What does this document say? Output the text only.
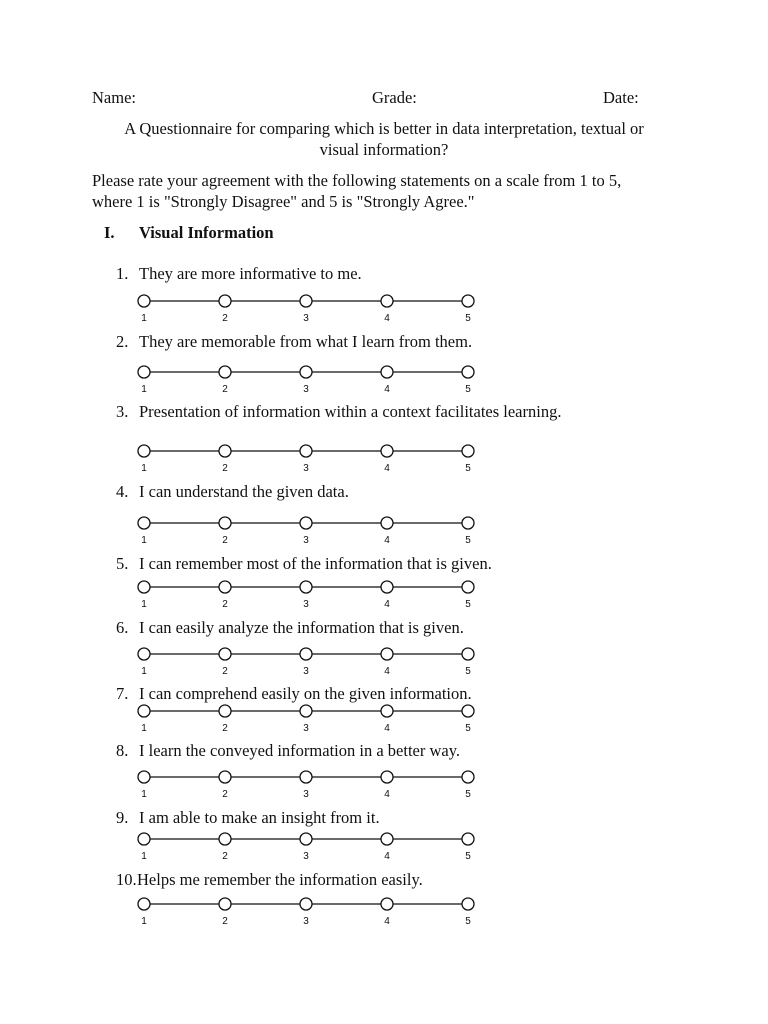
Name:	Grade:	Date:
A Questionnaire for comparing which is better in data interpretation, textual or
visual information?
Please rate your agreement with the following statements on a scale from 1 to 5,
where 1 is "Strongly Disagree" and 5 is "Strongly Agree."
I. Visual Information
1. They are more informative to me.
2. They are memorable from what I learn from them.
3. Presentation of information within a context facilitates learning.
4. I can understand the given data.
5. I can remember most of the information that is given.
6. I can easily analyze the information that is given.
7. I can comprehend easily on the given information.
8. I learn the conveyed information in a better way.
9. I am able to make an insight from it.
10. Helps me remember the information easily.
1	2	3	4	5
1	2	3	4	5
1	2	3	4	5
1	2	3	4	5
1	2	3	4	5
1	2	3	4	5
1	2	3	4	5
1	2	3	4	5
1	2	3	4	5
1	2	3	4	5
